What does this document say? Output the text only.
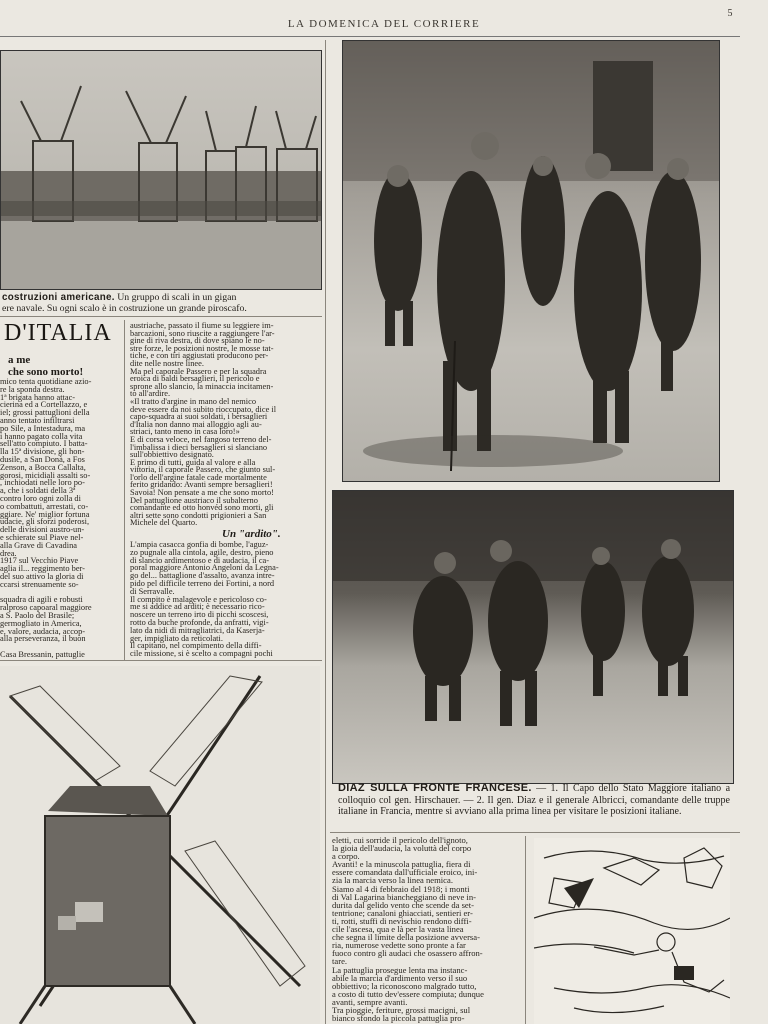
LA DOMENICA DEL CORRIERE
5
costruzioni americane. Un gruppo di scali in un gigan
ere navale. Su ogni scalo è in costruzione un grande piroscafo.
D'ITALIA
a me
che sono morto!
mico tenta quotidiane azio-
re la sponda destra.
1ª brigata hanno attac-
cierina ed a Cortellazzo, e
iel; grossi pattuglioni della
anno tentato infiltrarsi
po Sile, a Intestadura, ma
i hanno pagato colla vita
sell'atto compiuto. I batta-
lla 15ª divisione, gli hon-
dusile, a San Donà, a Fos
Zenson, a Bocca Callalta,
gorosi, micidiali assalti so-
, inchiodati nelle loro po-
a, che i soldati della 3ª
contro loro ogni zolla di
o combattuti, arrestati, co-
ggiare. Ne' miglior fortuna
udacie, gli sforzi poderosi,
delle divisioni austro-un-
e schierate sul Piave nel-
alla Grave di Cavadina
drea.
1917 sul Vecchio Piave
aglia il... reggimento ber-
del suo attivo la gloria di
ccarsi strenuamente so-

squadra di agili e robusti
ralproso capoaral maggiore
a S. Paolo del Brasile;
germogliato in America,
e, valore, audacia, accop-
alla perseveranza, il buon

Casa Bressanin, pattuglie
austriache, passato il fiume su leggiere im-
barcazioni, sono riuscite a raggiungere l'ar-
gine di riva destra, di dove spiano le no-
stre forze, le posizioni nostre, le mosse tat-
tiche, e con tiri aggiustati producono per-
dite nelle nostre linee.
Ma pel caporale Passero e per la squadra
eroica di baldi bersaglieri, il pericolo e
sprone allo slancio, la minaccia incitamen-
to all'ardire.
«Il tratto d'argine in mano del nemico
deve essere da noi subito rioccupato, dice il
capo-squadra ai suoi soldati, i bersaglieri
d'Italia non danno mai alloggio agli au-
striaci, tanto meno in casa loro!»
E di corsa veloce, nel fangoso terreno del-
l'imbalissa i dieci bersaglieri si slanciano
sull'obbiettivo designato.
E primo di tutti, guida al valore e alla
vittoria, il caporale Passero, che giunto sul-
l'orlo dell'argine fatale cade mortalmente
ferito gridando: Avanti sempre bersaglieri!
Savoia! Non pensate a me che sono morto!
Del pattuglione austriaco il subalterno
comandante ed otto honvéd sono morti, gli
altri sette sono condotti prigionieri a San
Michele del Quarto.
Un "ardito".
L'ampia casacca gonfia di bombe, l'aguz-
zo pugnale alla cintola, agile, destro, pieno
di slancio ardimentoso e di audacia, il ca-
poral maggiore Antonio Angeloni da Legna-
go del... battaglione d'assalto, avanza intre-
pido pel difficile terreno dei Fortini, a nord
di Serravalle.
Il compito è malagevole e pericoloso co-
me si addice ad arditi; è necessario rico-
noscere un terreno irto di picchi scoscesi,
rotto da buche profonde, da anfratti, vigi-
lato da nidi di mitragliatrici, da Kaserja-
ger, impigliato da reticolati.
Il capitano, nel compimento della diffi-
cile missione, si è scelto a compagni pochi
DIAZ SULLA FRONTE FRANCESE. — 1. Il Capo dello Stato Maggiore italiano a colloquio col gen. Hirschauer. — 2. Il gen. Diaz e il generale Albricci, comandante delle truppe italiane in Francia, mentre si avviano alla prima linea per visitare le posizioni italiane.
eletti, cui sorride il pericolo dell'ignoto,
la gioia dell'audacia, la voluttà del corpo
a corpo.
Avanti! e la minuscola pattuglia, fiera di
essere comandata dall'ufficiale eroico, ini-
zia la marcia verso la linea nemica.
Siamo al 4 di febbraio del 1918; i monti
di Val Lagarina biancheggiano di neve in-
durita dal gelido vento che scende da set-
tentrione; canaloni ghiacciati, sentieri er-
ti, rotti, stuffi di nevischio rendono diffi-
cile l'ascesa, qua e là per la vasta linea
che segna il limite della posizione avversa-
ria, numerose vedette sono pronte a far
fuoco contro gli audaci che osassero affron-
tare.
La pattuglia prosegue lenta ma instanc-
abile la marcia d'ardimento verso il suo
obbiettivo; la riconoscono malgrado tutto,
a costo di tutto dev'essere compiuta; dunque
avanti, sempre avanti.
Tra pioggie, feriture, grossi macigni, sul
bianco sfondo la piccola pattuglia pro-
